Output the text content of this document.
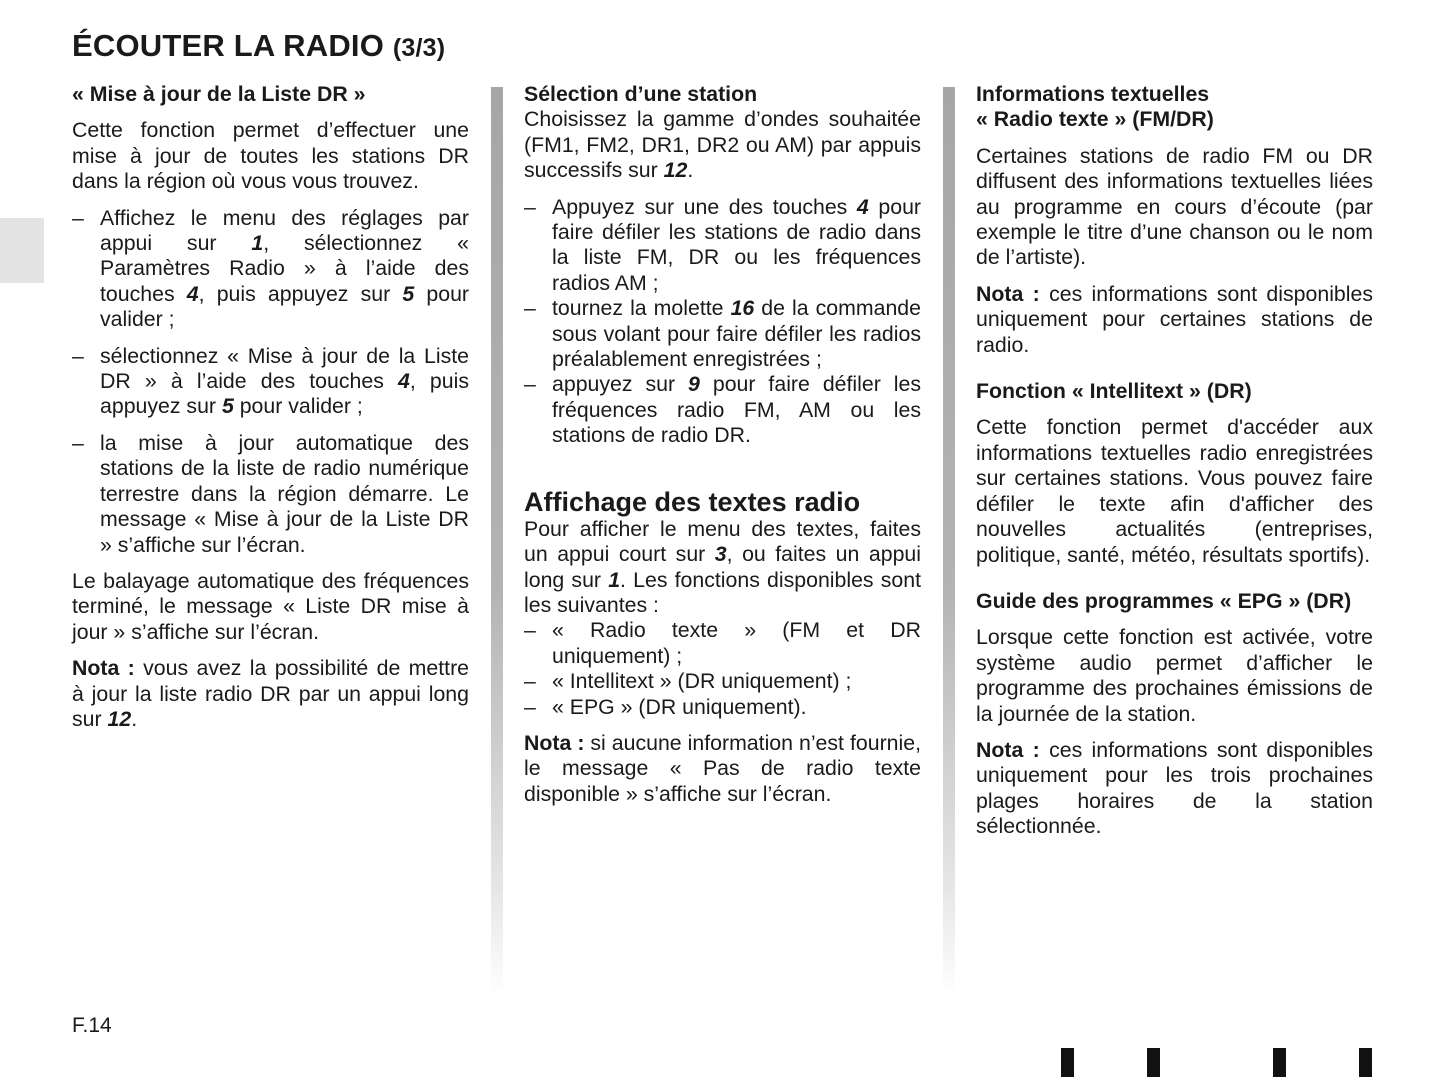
ÉCOUTER LA RADIO (3/3)

« Mise à jour de la Liste DR »

Cette fonction permet d’effectuer une mise à jour de toutes les stations DR dans la région où vous vous trouvez.

– Affichez le menu des réglages par appui sur 1, sélectionnez « Paramètres Radio » à l’aide des touches 4, puis appuyez sur 5 pour valider ;
– sélectionnez « Mise à jour de la Liste DR » à l’aide des touches 4, puis appuyez sur 5 pour valider ;
– la mise à jour automatique des stations de la liste de radio numérique terrestre dans la région démarre. Le message « Mise à jour de la Liste DR » s’affiche sur l’écran.

Le balayage automatique des fréquences terminé, le message « Liste DR mise à jour » s’affiche sur l’écran.

Nota : vous avez la possibilité de mettre à jour la liste radio DR par un appui long sur 12.

Sélection d’une station

Choisissez la gamme d’ondes souhaitée (FM1, FM2, DR1, DR2 ou AM) par appuis successifs sur 12.

– Appuyez sur une des touches 4 pour faire défiler les stations de radio dans la liste FM, DR ou les fréquences radios AM ;
– tournez la molette 16 de la commande sous volant pour faire défiler les radios préalablement enregistrées ;
– appuyez sur 9 pour faire défiler les fréquences radio FM, AM ou les stations de radio DR.

Affichage des textes radio

Pour afficher le menu des textes, faites un appui court sur 3, ou faites un appui long sur 1. Les fonctions disponibles sont les suivantes :

– « Radio texte » (FM et DR uniquement) ;
– « Intellitext » (DR uniquement) ;
– « EPG » (DR uniquement).

Nota : si aucune information n’est fournie, le message « Pas de radio texte disponible » s’affiche sur l’écran.

Informations textuelles
« Radio texte » (FM/DR)

Certaines stations de radio FM ou DR diffusent des informations textuelles liées au programme en cours d’écoute (par exemple le titre d’une chanson ou le nom de l’artiste).

Nota : ces informations sont disponibles uniquement pour certaines stations de radio.

Fonction « Intellitext » (DR)

Cette fonction permet d'accéder aux informations textuelles radio enregistrées sur certaines stations. Vous pouvez faire défiler le texte afin d'afficher des nouvelles actualités (entreprises, politique, santé, météo, résultats sportifs).

Guide des programmes « EPG » (DR)

Lorsque cette fonction est activée, votre système audio permet d’afficher le programme des prochaines émissions de la journée de la station.

Nota : ces informations sont disponibles uniquement pour les trois prochaines plages horaires de la station sélectionnée.

F.14
